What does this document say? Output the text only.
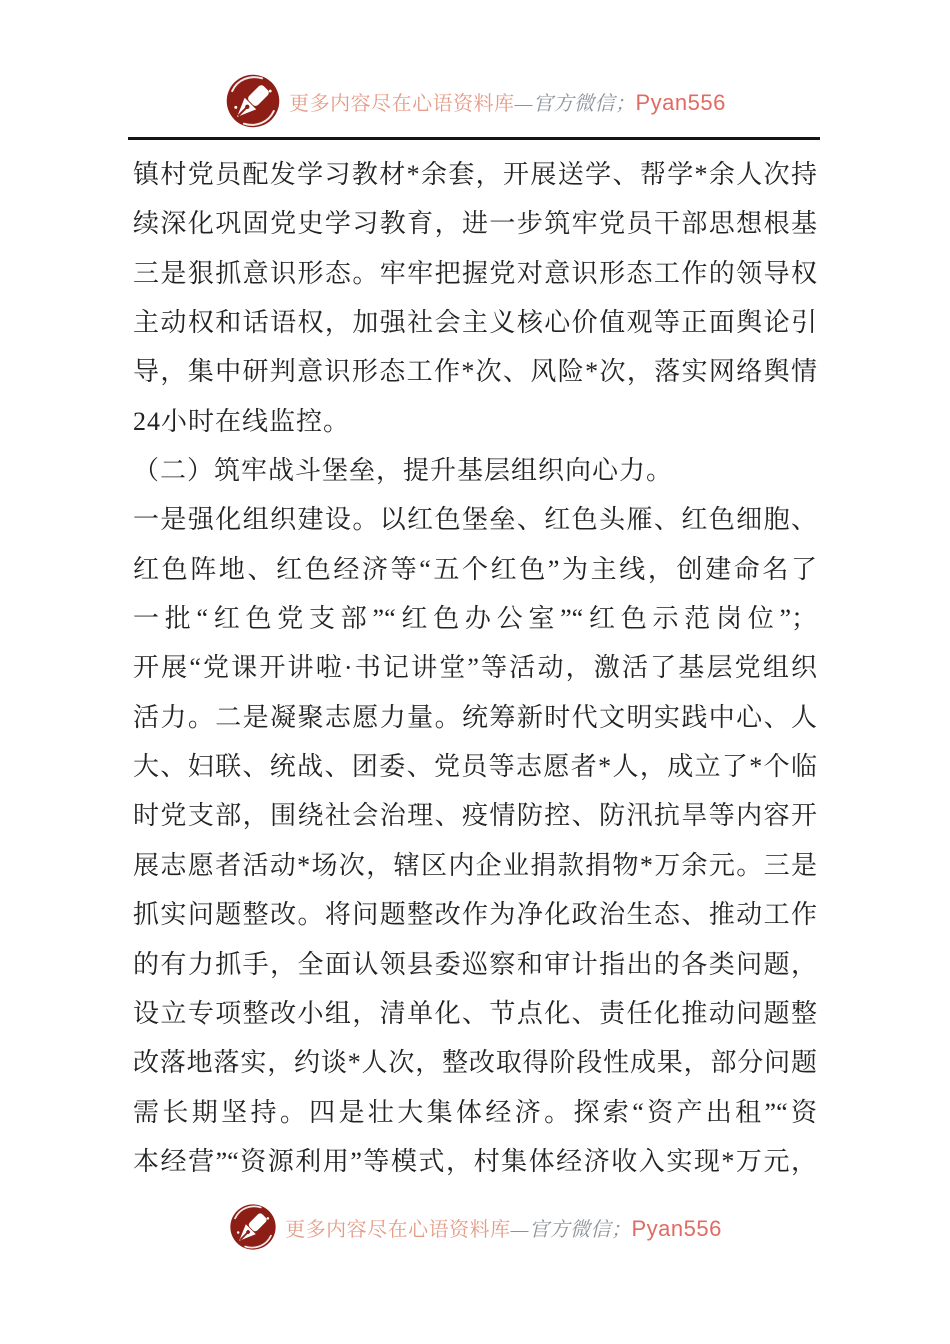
更多内容尽在心语资料库—官方微信；Pyan556
镇村党员配发学习教材*余套，开展送学、帮学*余人次持
续深化巩固党史学习教育，进一步筑牢党员干部思想根基
三是狠抓意识形态。牢牢把握党对意识形态工作的领导权
主动权和话语权，加强社会主义核心价值观等正面舆论引
导，集中研判意识形态工作*次、风险*次，落实网络舆情
24小时在线监控。
（二）筑牢战斗堡垒，提升基层组织向心力。
一是强化组织建设。以红色堡垒、红色头雁、红色细胞、
红色阵地、红色经济等“五个红色”为主线，创建命名了
一批“红色党支部”“红色办公室”“红色示范岗位”；
开展“党课开讲啦·书记讲堂”等活动，激活了基层党组织
活力。二是凝聚志愿力量。统筹新时代文明实践中心、人
大、妇联、统战、团委、党员等志愿者*人，成立了*个临
时党支部，围绕社会治理、疫情防控、防汛抗旱等内容开
展志愿者活动*场次，辖区内企业捐款捐物*万余元。三是
抓实问题整改。将问题整改作为净化政治生态、推动工作
的有力抓手，全面认领县委巡察和审计指出的各类问题，
设立专项整改小组，清单化、节点化、责任化推动问题整
改落地落实，约谈*人次，整改取得阶段性成果，部分问题
需长期坚持。四是壮大集体经济。探索“资产出租”“资
本经营”“资源利用”等模式，村集体经济收入实现*万元，
更多内容尽在心语资料库—官方微信；Pyan556
